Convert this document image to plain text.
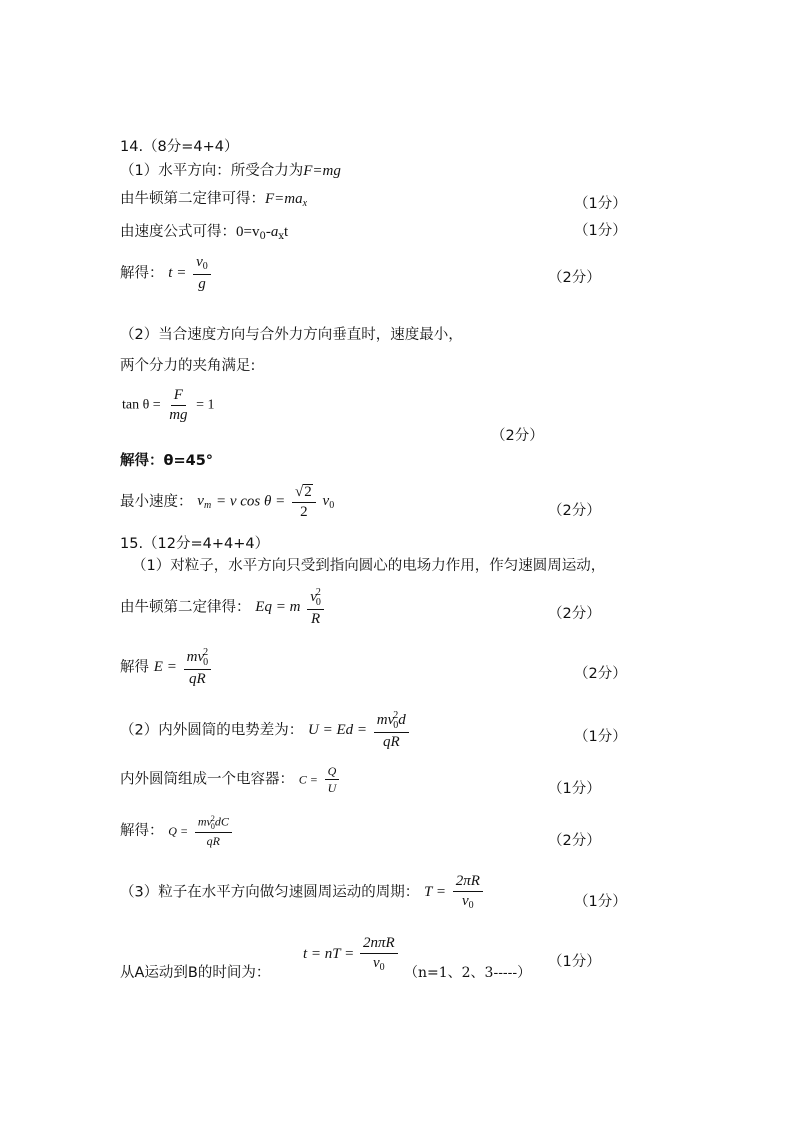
14.（8分=4+4）
（1）水平方向：所受合力为F=mg
由牛顿第二定律可得：$F=ma_x$	（1分）
由速度公式可得：$0=v_0-a_xt$	（1分）
解得： $t = \frac{v_0}{g}$	（2分）
（2）当合速度方向与合外力方向垂直时，速度最小，
两个分力的夹角满足:
$\tan \theta = \frac{F}{mg} = 1$
（2分）
解得：θ=45°
最小速度： $v_m = v$ $\cos \theta = \frac{√2}{2} v_0$	（2分）
15.（12分=4+4+4）
（1）对粒子，水平方向只受到指向圆心的电场力作用，作匀速圆周运动，
由牛顿第二定律得： Eq = m v 2
0
R	（2分）
解得 E = mv 2
0
qR	（2分）
（2）内外圆筒的电势差为： U = Ed = mv 2
0 d
qR	（1分）
内外圆筒组成一个电容器： $C = \frac{Q}{U}$	（1分）
解得： Q = mv 2
0 dC
qR	（2分）
（3）粒子在水平方向做匀速圆周运动的周期： $T = \frac{2\pi R}{v_0}$	（1分）
t = nT = $\frac{\text{2nπR}}{v_0}$
从A运动到B的时间为：	（n=1、2、3-----）
（1分）
